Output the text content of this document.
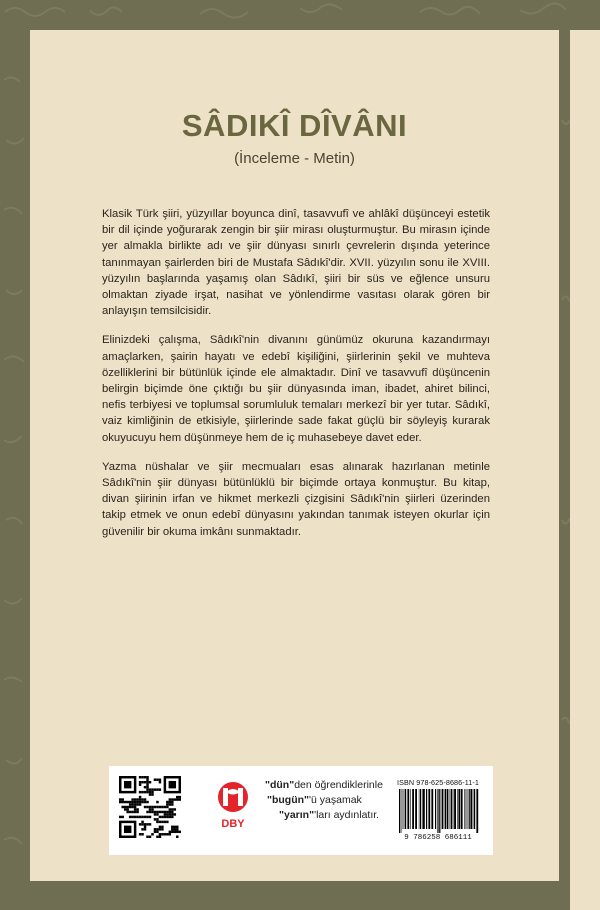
SÂDIKÎ DÎVÂNI
(İnceleme - Metin)

Klasik Türk şiiri, yüzyıllar boyunca dinî, tasavvufî ve ahlâkî düşünceyi estetik bir dil içinde yoğurarak zengin bir şiir mirası oluşturmuştur. Bu mirasın içinde yer almakla birlikte adı ve şiir dünyası sınırlı çevrelerin dışında yeterince tanınmayan şairlerden biri de Mustafa Sâdıkî'dir. XVII. yüzyılın sonu ile XVIII. yüzyılın başlarında yaşamış olan Sâdıkî, şiiri bir süs ve eğlence unsuru olmaktan ziyade irşat, nasihat ve yönlendirme vasıtası olarak gören bir anlayışın temsilcisidir.

Elinizdeki çalışma, Sâdıkî'nin divanını günümüz okuruna kazandırmayı amaçlarken, şairin hayatı ve edebî kişiliğini, şiirlerinin şekil ve muhteva özelliklerini bir bütünlük içinde ele almaktadır. Dinî ve tasavvufî düşüncenin belirgin biçimde öne çıktığı bu şiir dünyasında iman, ibadet, ahiret bilinci, nefis terbiyesi ve toplumsal sorumluluk temaları merkezî bir yer tutar. Sâdıkî, vaiz kimliğinin de etkisiyle, şiirlerinde sade fakat güçlü bir söyleyiş kurarak okuyucuyu hem düşünmeye hem de iç muhasebeye davet eder.

Yazma nüshalar ve şiir mecmuaları esas alınarak hazırlanan metinle Sâdıkî'nin şiir dünyası bütünlüklü bir biçimde ortaya konmuştur. Bu kitap, divan şiirinin irfan ve hikmet merkezli çizgisini Sâdıkî'nin şiirleri üzerinden takip etmek ve onun edebî dünyasını yakından tanımak isteyen okurlar için güvenilir bir okuma imkânı sunmaktadır.

DBY
"dün"den öğrendiklerinle
"bugün"'ü yaşamak
"yarın"'ları aydınlatır.
ISBN 978-625-8686-11-1
9 786258 686111
